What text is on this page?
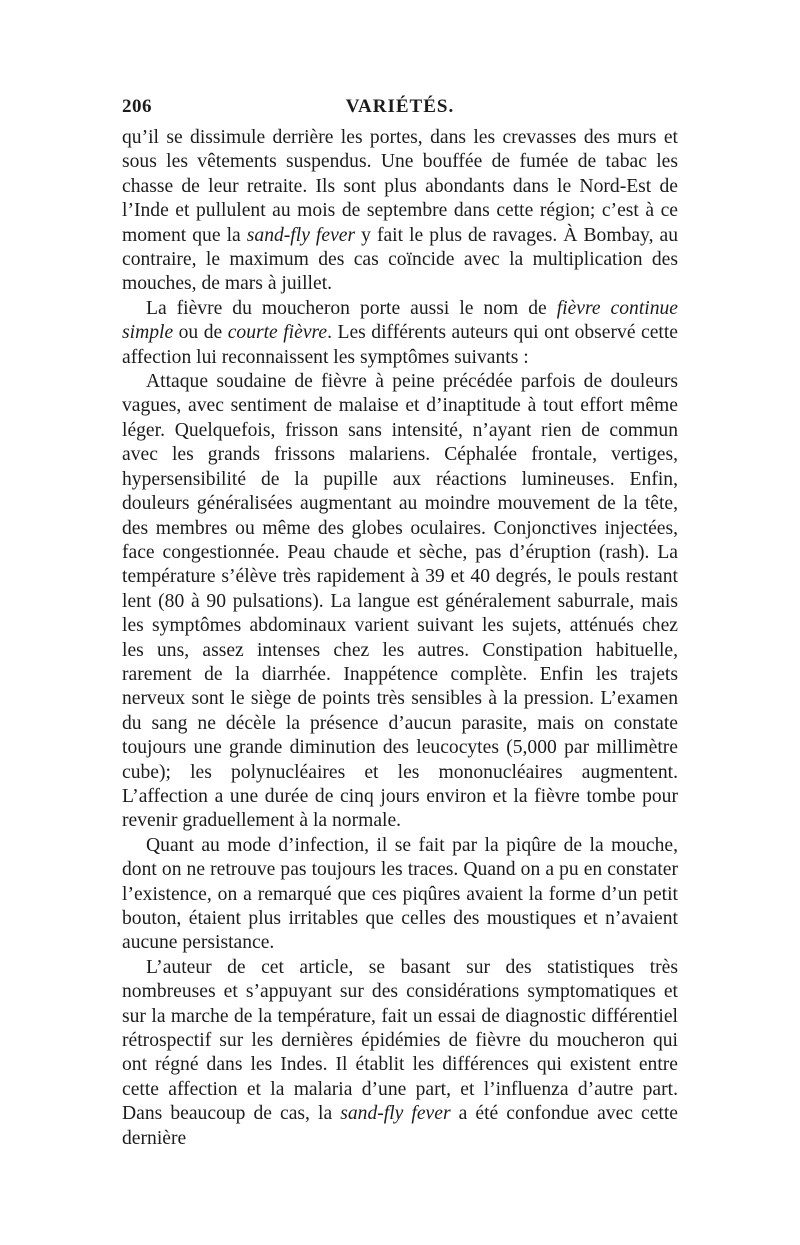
206	VARIÉTÉS.

qu’il se dissimule derrière les portes, dans les crevasses des murs et sous les vêtements suspendus. Une bouffée de fumée de tabac les chasse de leur retraite. Ils sont plus abondants dans le Nord-Est de l’Inde et pullulent au mois de septembre dans cette région; c’est à ce moment que la sand-fly fever y fait le plus de ravages. À Bombay, au contraire, le maximum des cas coïncide avec la multiplication des mouches, de mars à juillet.

La fièvre du moucheron porte aussi le nom de fièvre continue simple ou de courte fièvre. Les différents auteurs qui ont observé cette affection lui reconnaissent les symptômes suivants :

Attaque soudaine de fièvre à peine précédée parfois de douleurs vagues, avec sentiment de malaise et d’inaptitude à tout effort même léger. Quelquefois, frisson sans intensité, n’ayant rien de commun avec les grands frissons malariens. Céphalée frontale, vertiges, hypersensibilité de la pupille aux réactions lumineuses. Enfin, douleurs généralisées augmentant au moindre mouvement de la tête, des membres ou même des globes oculaires. Conjonctives injectées, face congestionnée. Peau chaude et sèche, pas d’éruption (rash). La température s’élève très rapidement à 39 et 40 degrés, le pouls restant lent (80 à 90 pulsations). La langue est généralement saburrale, mais les symptômes abdominaux varient suivant les sujets, atténués chez les uns, assez intenses chez les autres. Constipation habituelle, rarement de la diarrhée. Inappétence complète. Enfin les trajets nerveux sont le siège de points très sensibles à la pression. L’examen du sang ne décèle la présence d’aucun parasite, mais on constate toujours une grande diminution des leucocytes (5,000 par millimètre cube); les polynucléaires et les mononucléaires augmentent. L’affection a une durée de cinq jours environ et la fièvre tombe pour revenir graduellement à la normale.

Quant au mode d’infection, il se fait par la piqûre de la mouche, dont on ne retrouve pas toujours les traces. Quand on a pu en constater l’existence, on a remarqué que ces piqûres avaient la forme d’un petit bouton, étaient plus irritables que celles des moustiques et n’avaient aucune persistance.

L’auteur de cet article, se basant sur des statistiques très nombreuses et s’appuyant sur des considérations symptomatiques et sur la marche de la température, fait un essai de diagnostic différentiel rétrospectif sur les dernières épidémies de fièvre du moucheron qui ont régné dans les Indes. Il établit les différences qui existent entre cette affection et la malaria d’une part, et l’influenza d’autre part. Dans beaucoup de cas, la sand-fly fever a été confondue avec cette dernière
